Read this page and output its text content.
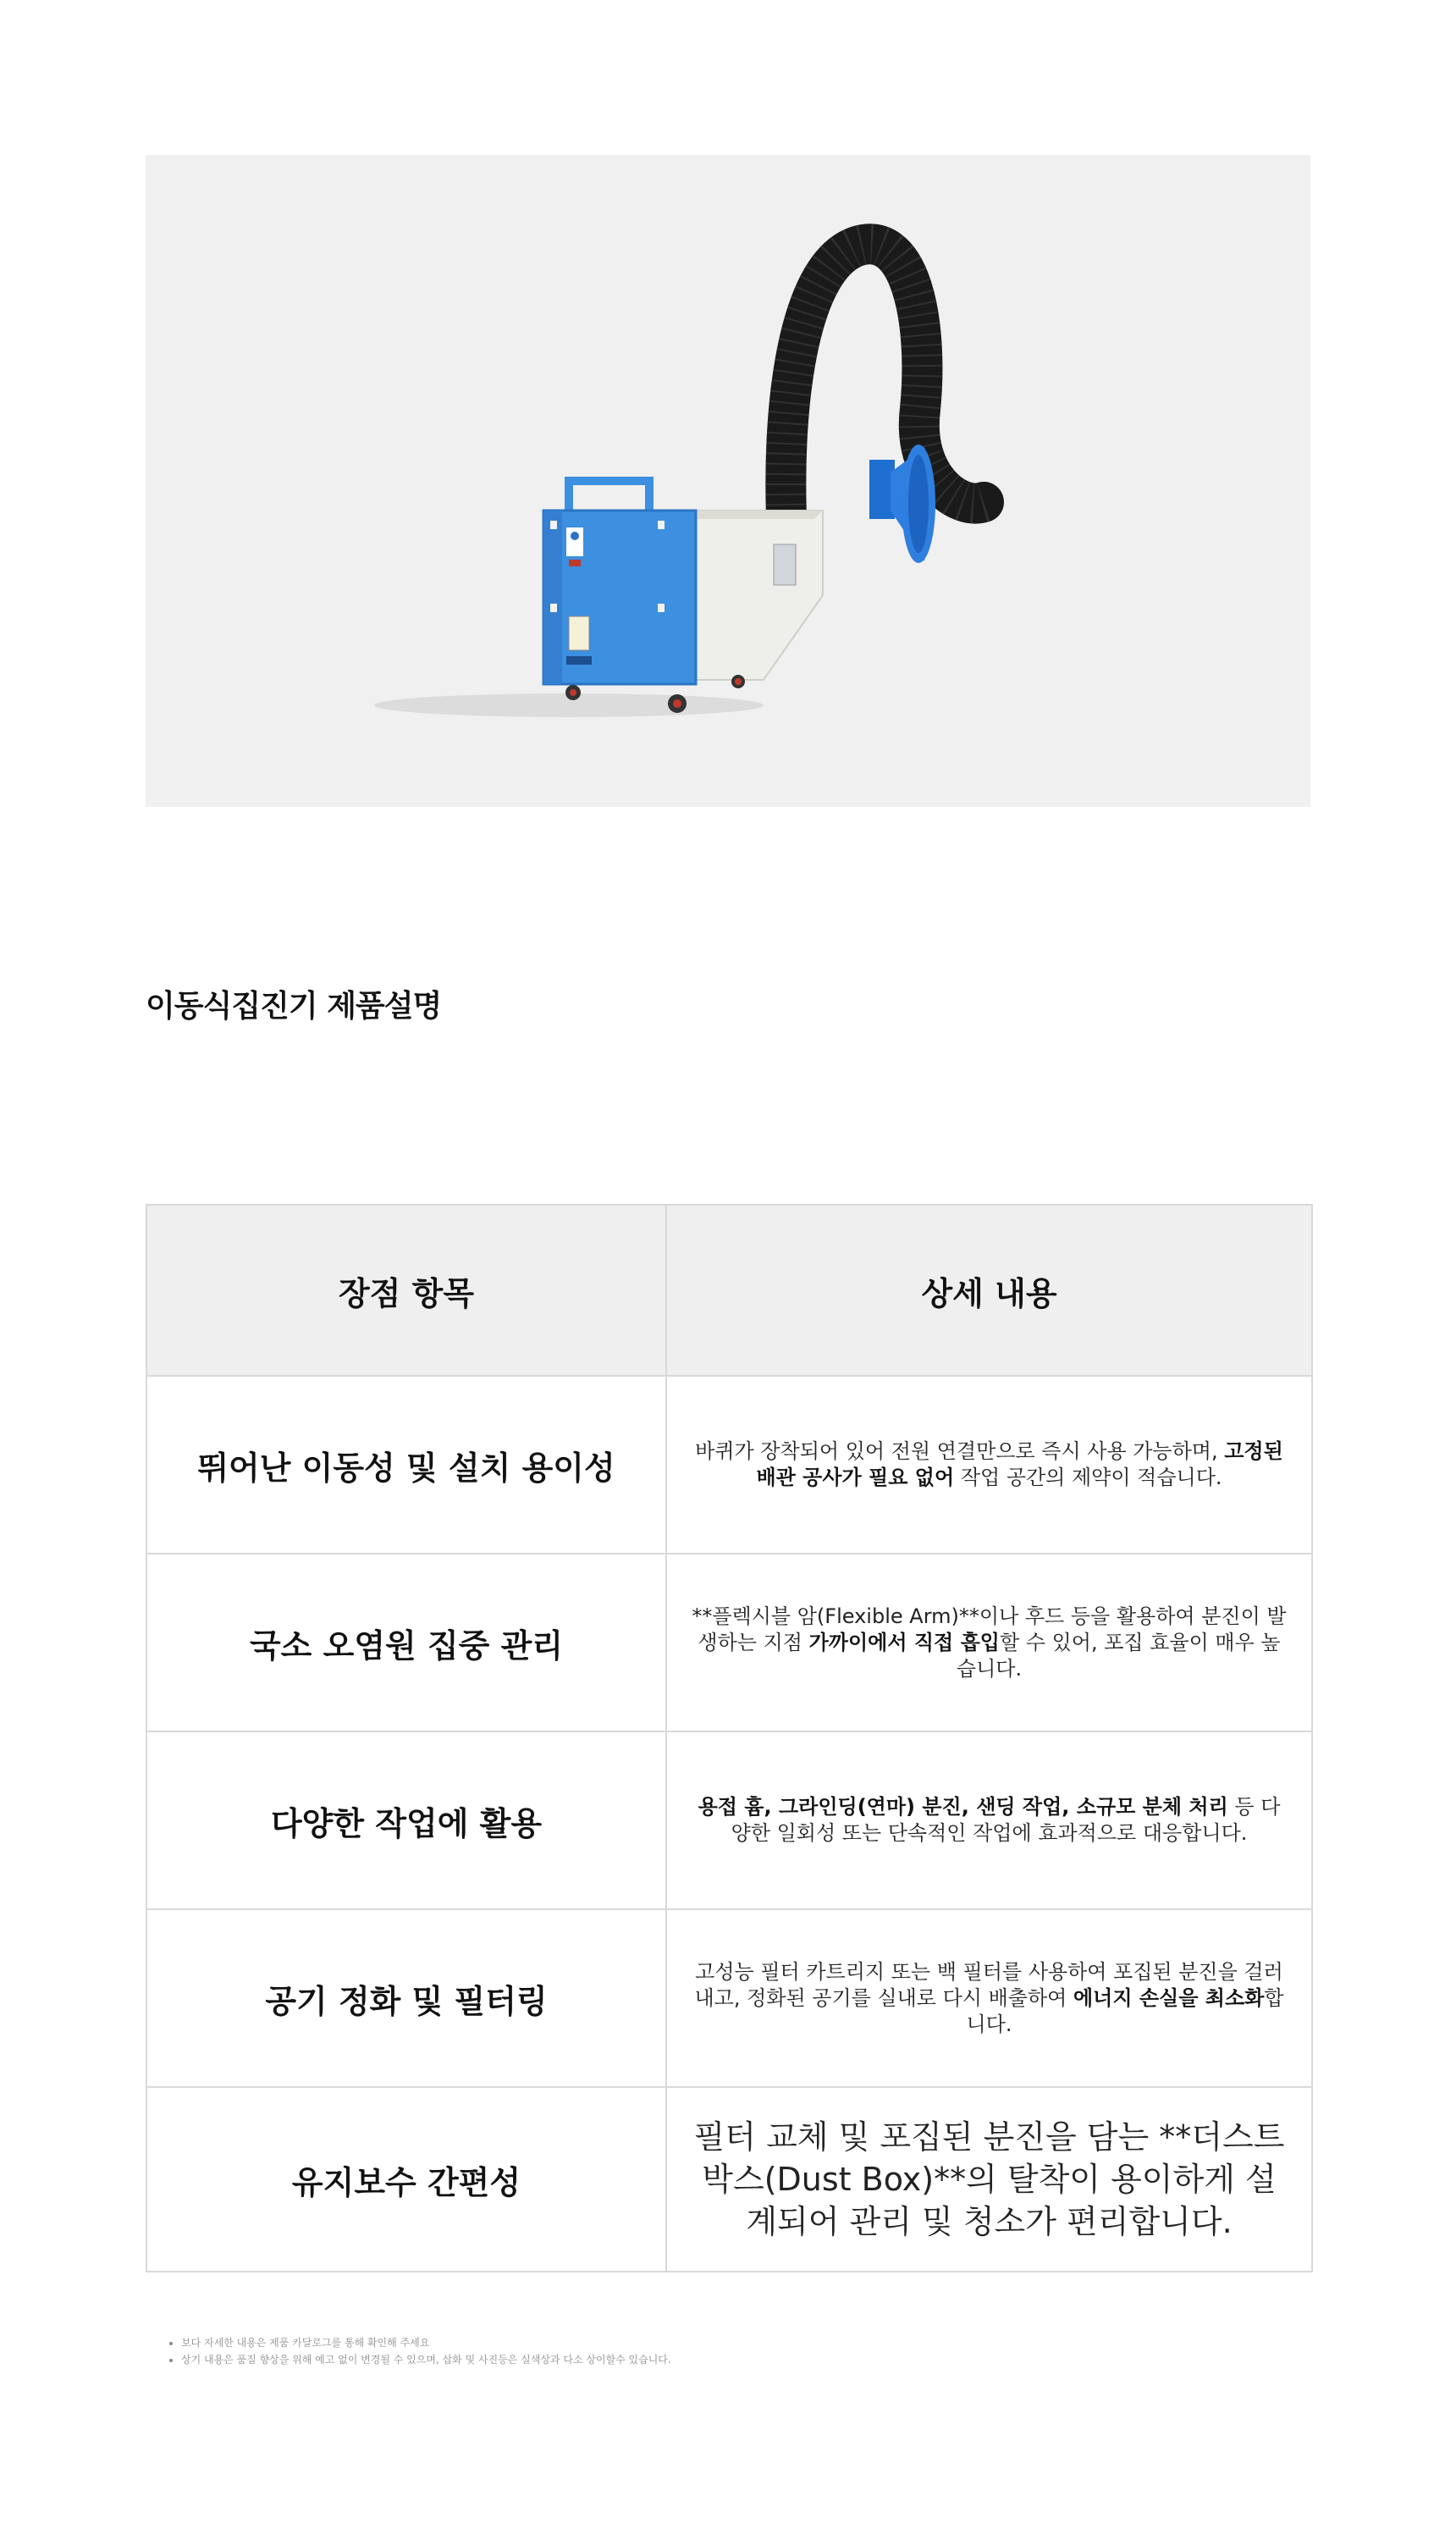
이동식집진기 제품설명
장점 항목	상세 내용
뛰어난 이동성 및 설치 용이성	바퀴가 장착되어 있어 전원 연결만으로 즉시 사용 가능하며, 고정된 배관 공사가 필요 없어 작업 공간의 제약이 적습니다.
국소 오염원 집중 관리	**플렉시블 암(Flexible Arm)**이나 후드 등을 활용하여 분진이 발생하는 지점 가까이에서 직접 흡입할 수 있어, 포집 효율이 매우 높습니다.
다양한 작업에 활용	용접 흄, 그라인딩(연마) 분진, 샌딩 작업, 소규모 분체 처리 등 다양한 일회성 또는 단속적인 작업에 효과적으로 대응합니다.
공기 정화 및 필터링	고성능 필터 카트리지 또는 백 필터를 사용하여 포집된 분진을 걸러내고, 정화된 공기를 실내로 다시 배출하여 에너지 손실을 최소화합니다.
유지보수 간편성	필터 교체 및 포집된 분진을 담는 **더스트 박스(Dust Box)**의 탈착이 용이하게 설계되어 관리 및 청소가 편리합니다.
• 보다 자세한 내용은 제품 카달로그를 통해 확인해 주세요
• 상기 내용은 품질 향상을 위해 예고 없이 변경될 수 있으며, 삽화 및 사진등은 실색상과 다소 상이할수 있습니다.
